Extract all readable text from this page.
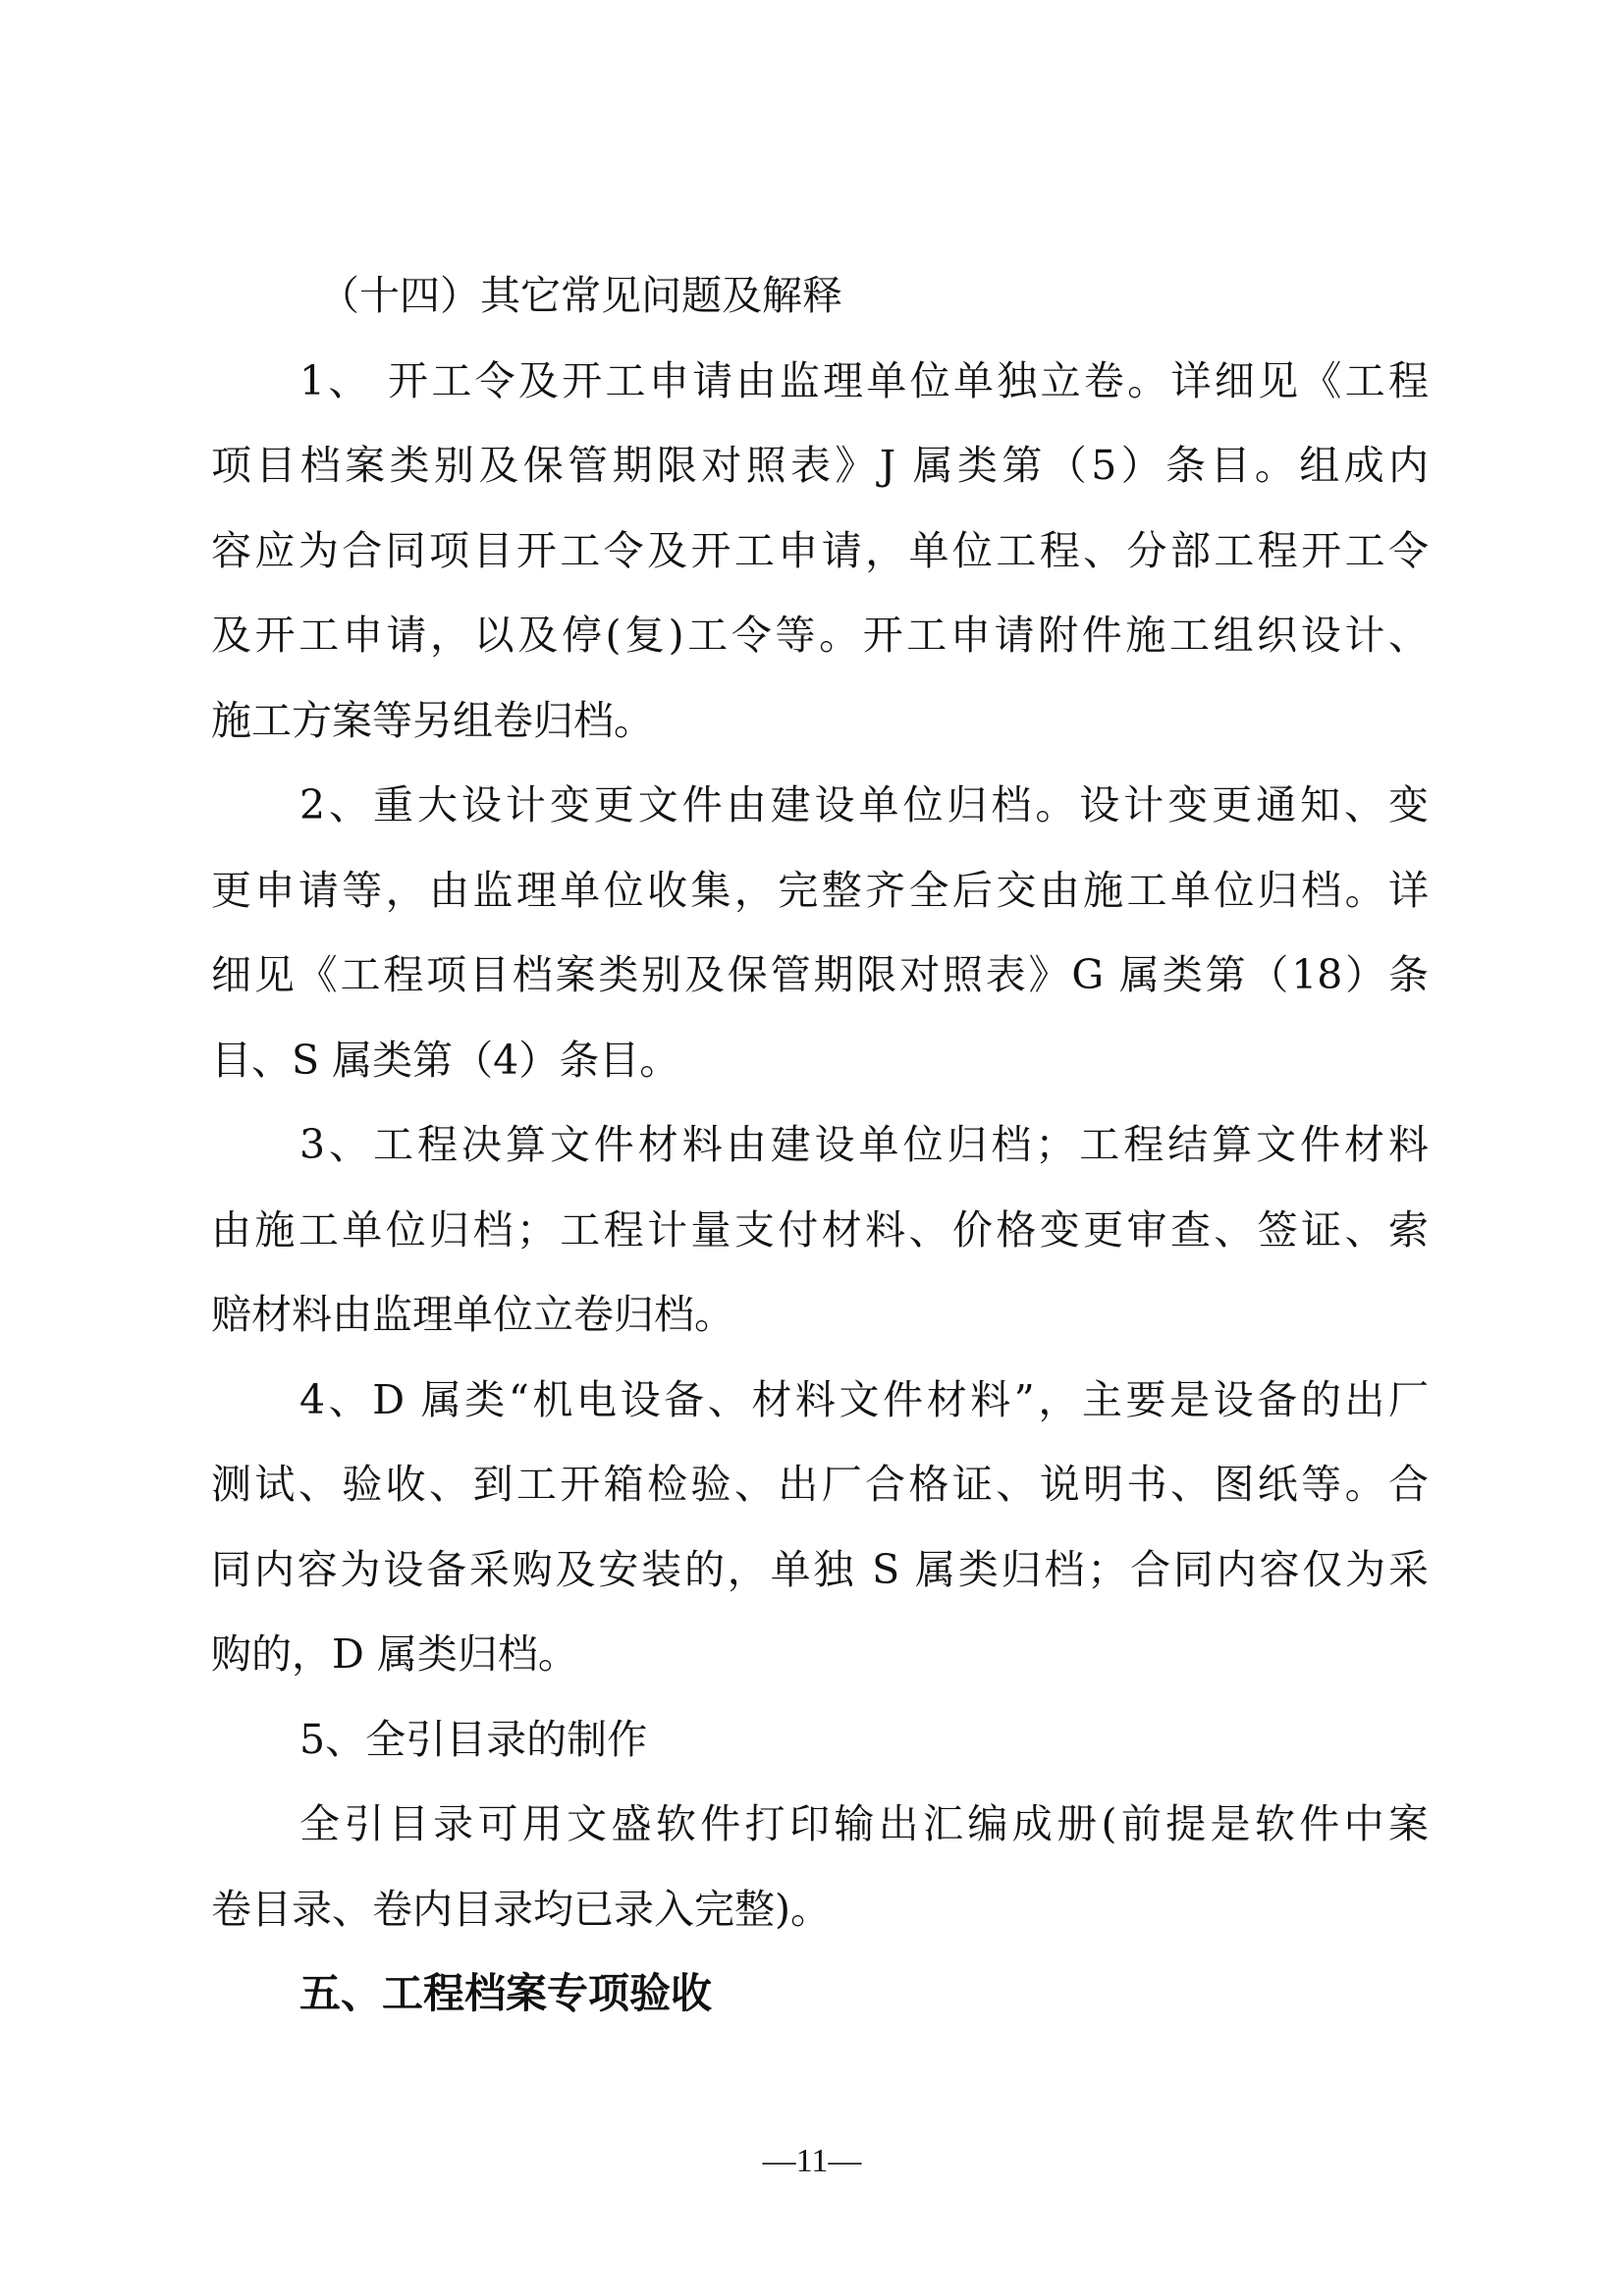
（十四）其它常见问题及解释
1、 开工令及开工申请由监理单位单独立卷。详细见《工程
项目档案类别及保管期限对照表》J 属类第（5）条目。组成内
容应为合同项目开工令及开工申请，单位工程、分部工程开工令
及开工申请，以及停(复)工令等。开工申请附件施工组织设计、
施工方案等另组卷归档。
2、重大设计变更文件由建设单位归档。设计变更通知、变
更申请等，由监理单位收集，完整齐全后交由施工单位归档。详
细见《工程项目档案类别及保管期限对照表》G 属类第（18）条
目、S 属类第（4）条目。
3、工程决算文件材料由建设单位归档；工程结算文件材料
由施工单位归档；工程计量支付材料、价格变更审查、签证、索
赔材料由监理单位立卷归档。
4、D 属类“机电设备、材料文件材料”，主要是设备的出厂
测试、验收、到工开箱检验、出厂合格证、说明书、图纸等。合
同内容为设备采购及安装的，单独 S 属类归档；合同内容仅为采
购的，D 属类归档。
5、全引目录的制作
全引目录可用文盛软件打印输出汇编成册(前提是软件中案
卷目录、卷内目录均已录入完整)。
五、工程档案专项验收
—11—
